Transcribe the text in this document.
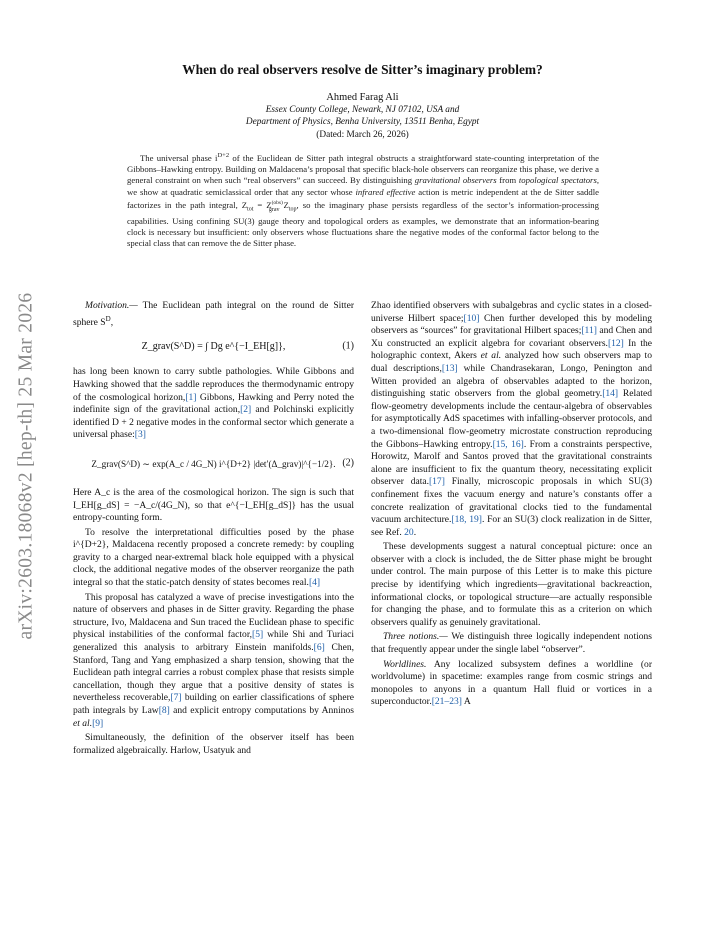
arXiv:2603.18068v2 [hep-th] 25 Mar 2026
When do real observers resolve de Sitter’s imaginary problem?
Ahmed Farag Ali
Essex County College, Newark, NJ 07102, USA and
Department of Physics, Benha University, 13511 Benha, Egypt
(Dated: March 26, 2026)
The universal phase $i^{D+2}$ of the Euclidean de Sitter path integral obstructs a straightforward state-counting interpretation of the Gibbons–Hawking entropy. Building on Maldacena’s proposal that specific black-hole observers can reorganize this phase, we derive a general constraint on when such “real observers” can succeed. By distinguishing gravitational observers from topological spectators, we show at quadratic semiclassical order that any sector whose infrared effective action is metric independent at the de Sitter saddle factorizes in the path integral, $Z_{tot} = Z^{(obs)}_{grav}$ $Z_{top}$, so the imaginary phase persists regardless of the sector’s information-processing capabilities. Using confining SU(3) gauge theory and topological orders as examples, we demonstrate that an information-bearing clock is necessary but insufficient: only observers whose fluctuations share the negative modes of the conformal factor belong to the special class that can remove the de Sitter phase.

Motivation.— The Euclidean path integral on the round de Sitter sphere $S^D$,

Z_grav(S^D) = ∫ Dg e^{−I_EH[g]},	(1)

has long been known to carry subtle pathologies. While Gibbons and Hawking showed that the saddle reproduces the thermodynamic entropy of the cosmological horizon,[1] Gibbons, Hawking and Perry noted the indefinite sign of the gravitational action,[2] and Polchinski explicitly identified D + 2 negative modes in the conformal sector which generate a universal phase:[3]

Z_grav(S^D) ∼ exp(A_c / 4G_N) i^{D+2} |det′(Δ_grav)|^{−1/2}. (2)

Here A_c is the area of the cosmological horizon. The sign is such that I_EH[g_dS] = −A_c/(4G_N), so that e^{−I_EH[g_dS]} has the usual entropy-counting form.

To resolve the interpretational difficulties posed by the phase i^{D+2}, Maldacena recently proposed a concrete remedy: by coupling gravity to a charged near-extremal black hole equipped with a physical clock, the additional negative modes of the observer reorganize the path integral so that the static-patch density of states becomes real.[4]

This proposal has catalyzed a wave of precise investigations into the nature of observers and phases in de Sitter gravity. Regarding the phase structure, Ivo, Maldacena and Sun traced the Euclidean phase to specific physical instabilities of the conformal factor,[5] while Shi and Turiaci generalized this analysis to arbitrary Einstein manifolds.[6] Chen, Stanford, Tang and Yang emphasized a sharp tension, showing that the Euclidean path integral carries a robust complex phase that resists simple cancellation, though they argue that a positive density of states is nevertheless recoverable,[7] building on earlier classifications of sphere path integrals by Law[8] and explicit entropy computations by Anninos et al.[9]

Simultaneously, the definition of the observer itself has been formalized algebraically. Harlow, Usatyuk and

Zhao identified observers with subalgebras and cyclic states in a closed-universe Hilbert space;[10] Chen further developed this by modeling observers as “sources” for gravitational Hilbert spaces;[11] and Chen and Xu constructed an explicit algebra for covariant observers.[12] In the holographic context, Akers et al. analyzed how such observers map to dual descriptions,[13] while Chandrasekaran, Longo, Penington and Witten provided an algebra of observables adapted to the horizon, distinguishing static observers from the global geometry.[14] Related flow-geometry developments include the centaur-algebra of observables for asymptotically AdS spacetimes with infalling-observer protocols, and a two-dimensional flow-geometry microstate construction reproducing the Gibbons–Hawking entropy.[15, 16]. From a constraints perspective, Horowitz, Marolf and Santos proved that the gravitational constraints alone are insufficient to fix the quantum theory, necessitating explicit observer data.[17] Finally, microscopic proposals in which SU(3) confinement fixes the vacuum energy and nature’s constants offer a concrete realization of gravitational clocks tied to the fundamental vacuum architecture.[18, 19]. For an SU(3) clock realization in de Sitter, see Ref. 20.

These developments suggest a natural conceptual picture: once an observer with a clock is included, the de Sitter phase might be brought under control. The main purpose of this Letter is to make this picture precise by identifying which ingredients—gravitational backreaction, informational clocks, or topological structure—are actually responsible for changing the phase, and to formulate this as a criterion on which observers qualify as genuinely gravitational.

Three notions.— We distinguish three logically independent notions that frequently appear under the single label “observer”.

Worldlines. Any localized subsystem defines a worldline (or worldvolume) in spacetime: examples range from cosmic strings and monopoles to anyons in a quantum Hall fluid or vortices in a superconductor.[21–23] A
